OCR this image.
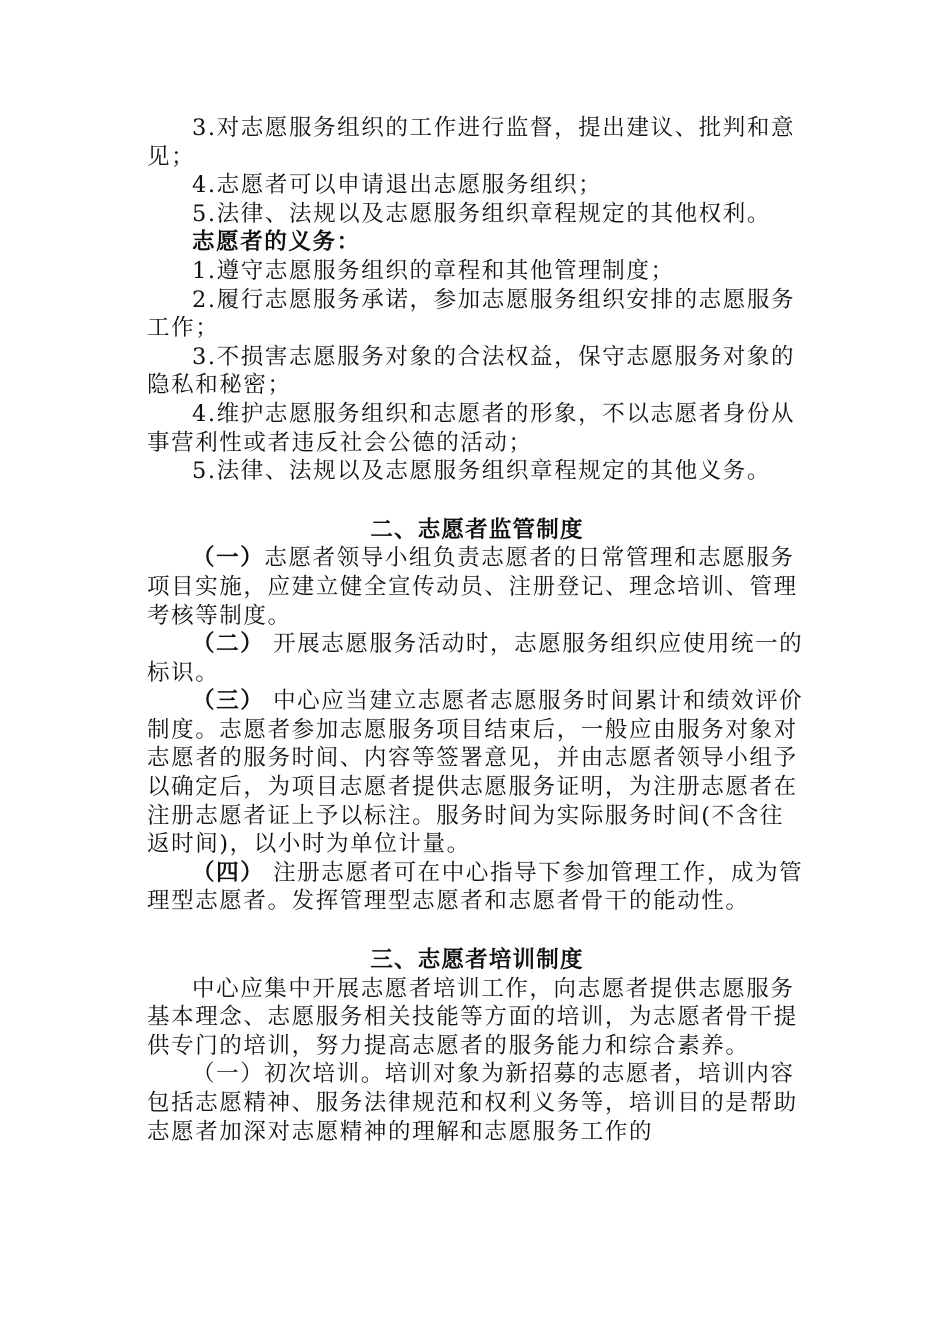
3.对志愿服务组织的工作进行监督，提出建议、批判和意见；

4.志愿者可以申请退出志愿服务组织；

5.法律、法规以及志愿服务组织章程规定的其他权利。

志愿者的义务：

1.遵守志愿服务组织的章程和其他管理制度；

2.履行志愿服务承诺，参加志愿服务组织安排的志愿服务工作；

3.不损害志愿服务对象的合法权益，保守志愿服务对象的隐私和秘密；

4.维护志愿服务组织和志愿者的形象，不以志愿者身份从事营利性或者违反社会公德的活动；

5.法律、法规以及志愿服务组织章程规定的其他义务。

二、志愿者监管制度

（一）志愿者领导小组负责志愿者的日常管理和志愿服务项目实施，应建立健全宣传动员、注册登记、理念培训、管理考核等制度。

（二） 开展志愿服务活动时，志愿服务组织应使用统一的标识。

（三） 中心应当建立志愿者志愿服务时间累计和绩效评价制度。志愿者参加志愿服务项目结束后，一般应由服务对象对志愿者的服务时间、内容等签署意见，并由志愿者领导小组予以确定后，为项目志愿者提供志愿服务证明，为注册志愿者在注册志愿者证上予以标注。服务时间为实际服务时间(不含往返时间)，以小时为单位计量。

（四） 注册志愿者可在中心指导下参加管理工作，成为管理型志愿者。发挥管理型志愿者和志愿者骨干的能动性。

三、志愿者培训制度

中心应集中开展志愿者培训工作，向志愿者提供志愿服务基本理念、志愿服务相关技能等方面的培训，为志愿者骨干提供专门的培训，努力提高志愿者的服务能力和综合素养。

（一）初次培训。培训对象为新招募的志愿者，培训内容包括志愿精神、服务法律规范和权利义务等，培训目的是帮助志愿者加深对志愿精神的理解和志愿服务工作的
